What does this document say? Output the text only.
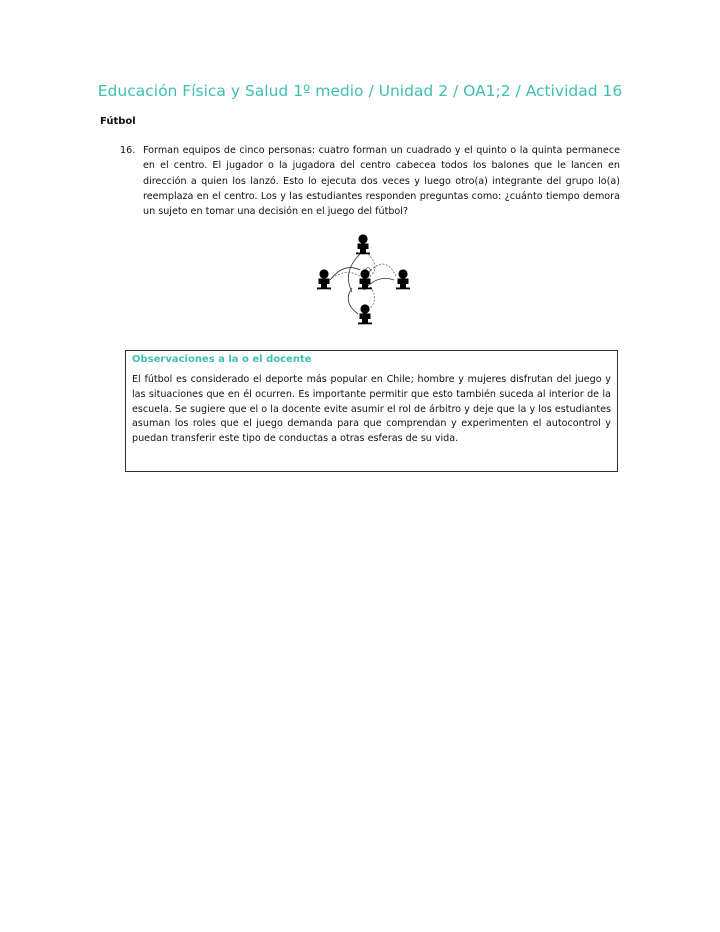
Educación Física y Salud 1º medio / Unidad 2 / OA1;2 / Actividad 16
Fútbol
16. Forman equipos de cinco personas: cuatro forman un cuadrado y el quinto o la quinta permanece en el centro. El jugador o la jugadora del centro cabecea todos los balones que le lancen en dirección a quien los lanzó. Esto lo ejecuta dos veces y luego otro(a) integrante del grupo lo(a) reemplaza en el centro. Los y las estudiantes responden preguntas como: ¿cuánto tiempo demora un sujeto en tomar una decisión en el juego del fútbol?
Observaciones a la o el docente
El fútbol es considerado el deporte más popular en Chile; hombre y mujeres disfrutan del juego y las situaciones que en él ocurren. Es importante permitir que esto también suceda al interior de la escuela. Se sugiere que el o la docente evite asumir el rol de árbitro y deje que la y los estudiantes asuman los roles que el juego demanda para que comprendan y experimenten el autocontrol y puedan transferir este tipo de conductas a otras esferas de su vida.
